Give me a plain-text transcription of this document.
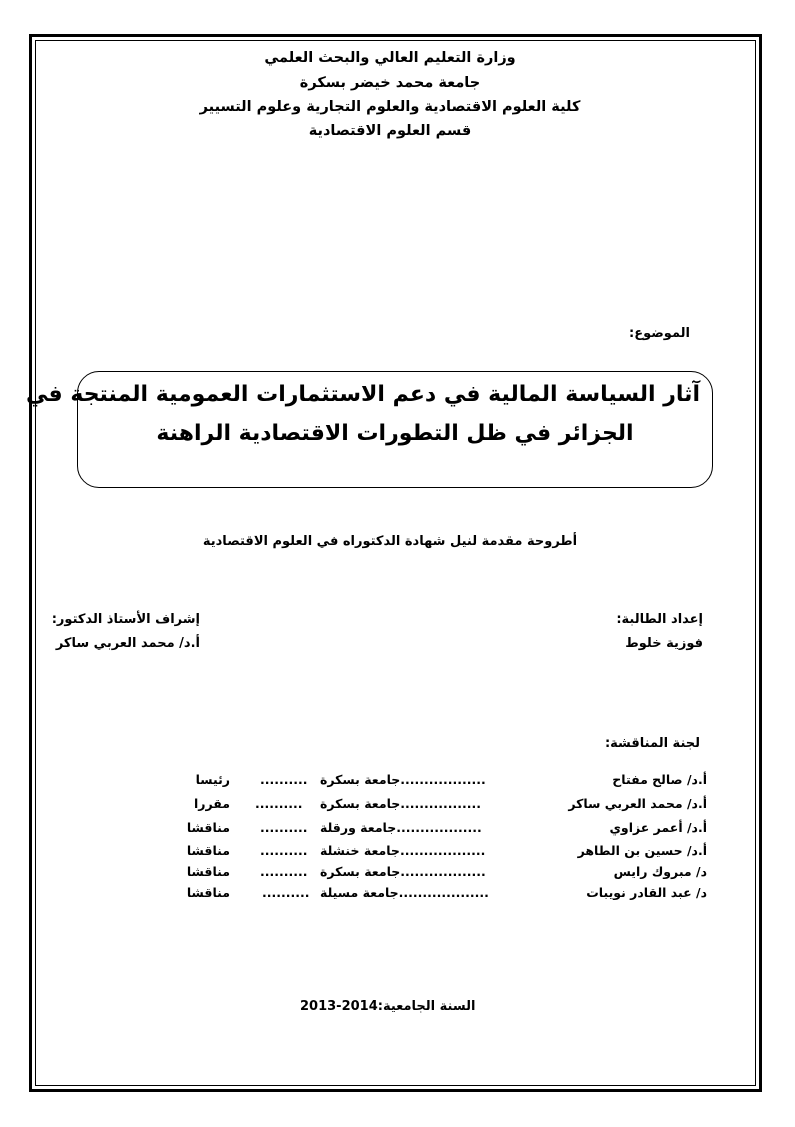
وزارة التعليم العالي والبحث العلمي
جامعة محمد خيضر بسكرة
كلية العلوم الاقتصادية والعلوم التجارية وعلوم التسيير
قسم العلوم الاقتصادية
الموضوع:
آثار السياسة المالية في دعم الاستثمارات العمومية المنتجة في
الجزائر في ظل التطورات الاقتصادية الراهنة
أطروحة مقدمة لنيل شهادة الدكتوراه في العلوم الاقتصادية
إعداد الطالبة:
فوزية خلوط
إشراف الأستاذ الدكتور:
أ.د/ محمد العربي ساكر
لجنة المناقشة:
أ.د/ صالح مفتاح
..................جامعة بسكرة
..........
رئيسا
أ.د/ محمد العربي ساكر
.................جامعة بسكرة
..........
مقررا
أ.د/ أعمر عزاوي
..................جامعة ورقلة
..........
مناقشا
أ.د/ حسين بن الطاهر
..................جامعة خنشلة
..........
مناقشا
د/ مبروك رايس
..................جامعة بسكرة
..........
مناقشا
د/ عبد القادر نويبات
...................جامعة مسيلة
..........
مناقشا
السنة الجامعية:2013-2014
